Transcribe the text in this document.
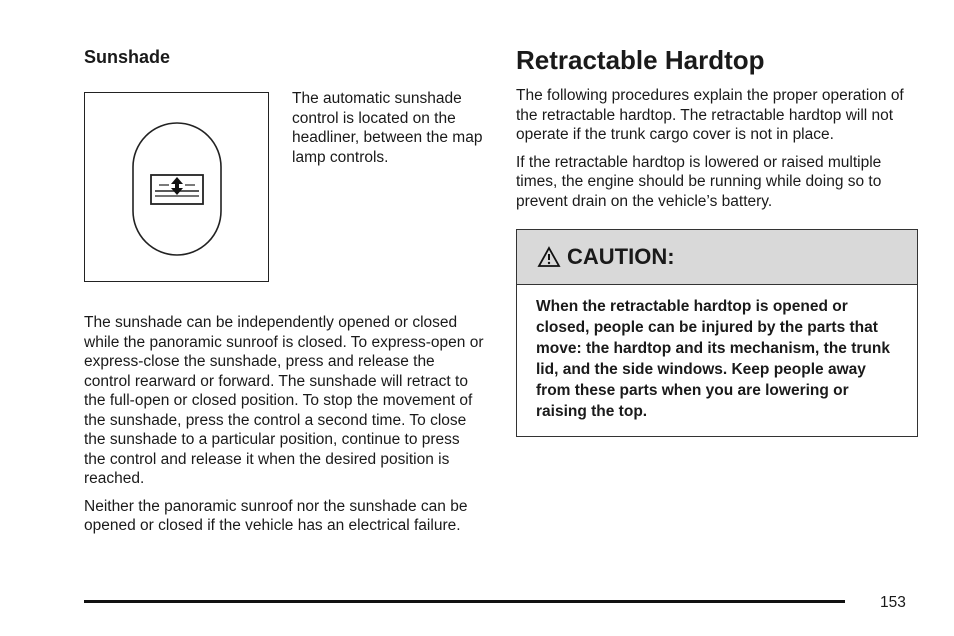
Sunshade

The automatic sunshade control is located on the headliner, between the map lamp controls.

The sunshade can be independently opened or closed while the panoramic sunroof is closed. To express-open or express-close the sunshade, press and release the control rearward or forward. The sunshade will retract to the full-open or closed position. To stop the movement of the sunshade, press the control a second time. To close the sunshade to a particular position, continue to press the control and release it when the desired position is reached.

Neither the panoramic sunroof nor the sunshade can be opened or closed if the vehicle has an electrical failure.

Retractable Hardtop

The following procedures explain the proper operation of the retractable hardtop. The retractable hardtop will not operate if the trunk cargo cover is not in place.

If the retractable hardtop is lowered or raised multiple times, the engine should be running while doing so to prevent drain on the vehicle’s battery.

CAUTION:

When the retractable hardtop is opened or closed, people can be injured by the parts that move: the hardtop and its mechanism, the trunk lid, and the side windows. Keep people away from these parts when you are lowering or raising the top.

153
